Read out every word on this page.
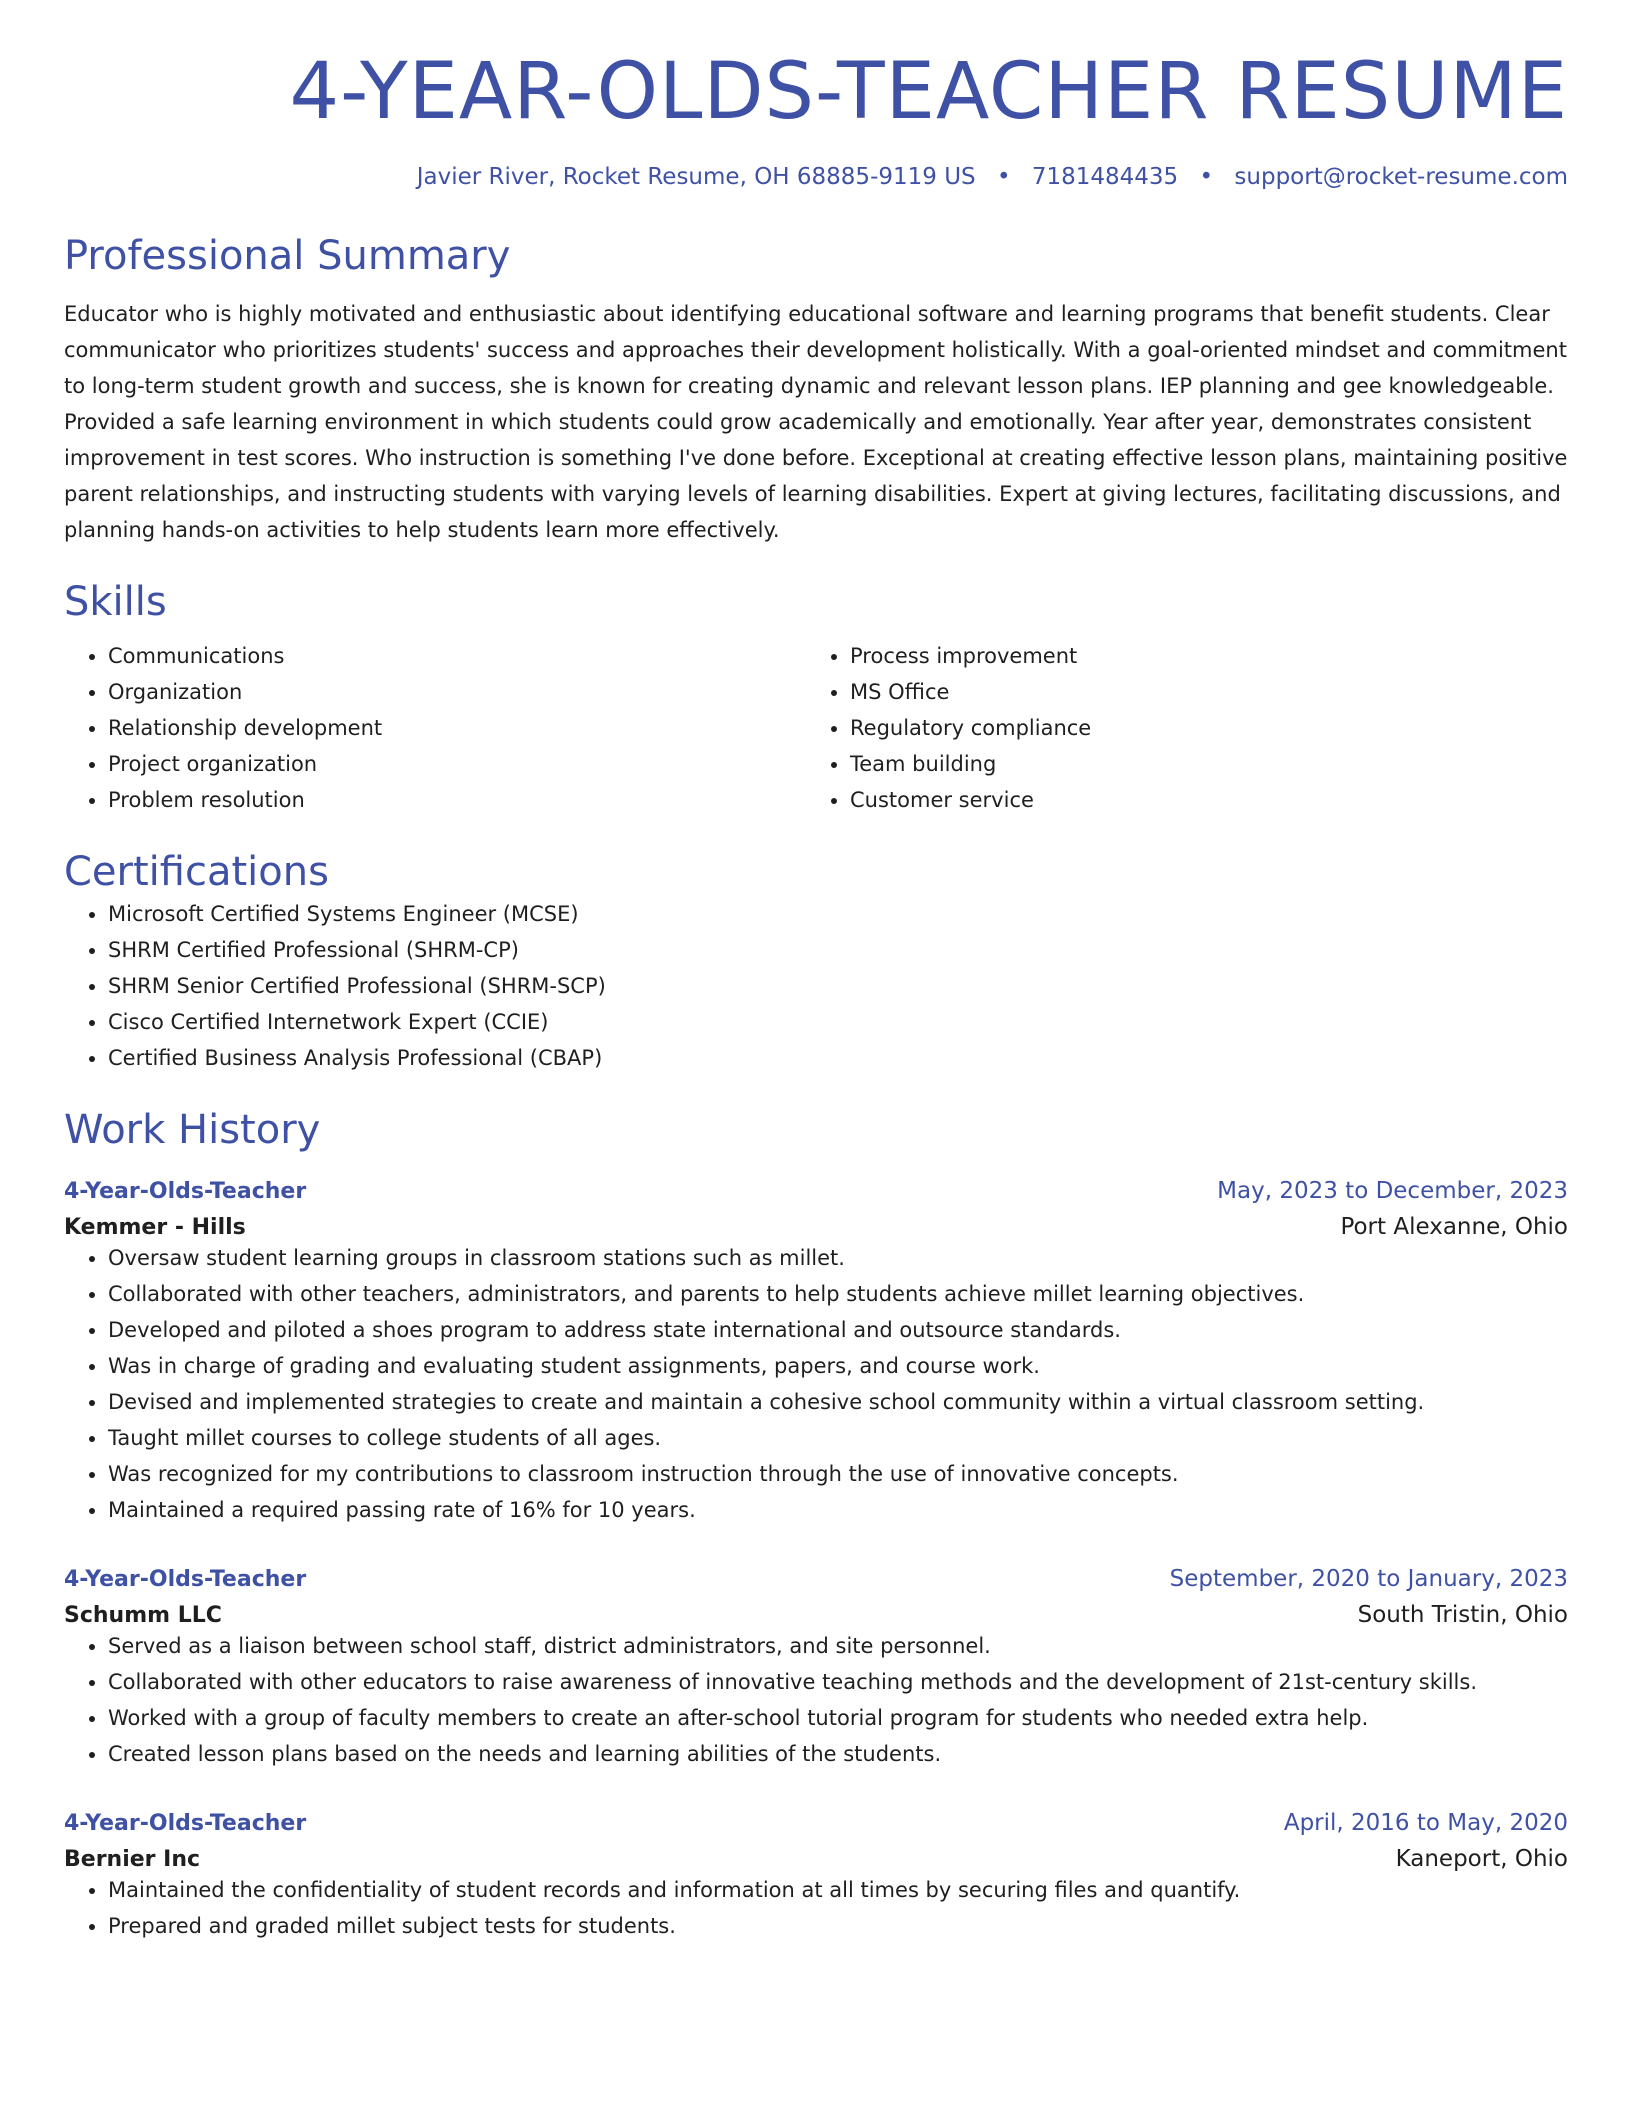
4-YEAR-OLDS-TEACHER RESUME
Javier River, Rocket Resume, OH 68885-9119 US • 7181484435 • support@rocket-resume.com
Professional Summary

Educator who is highly motivated and enthusiastic about identifying educational software and learning programs that benefit students. Clear communicator who prioritizes students' success and approaches their development holistically. With a goal-oriented mindset and commitment to long-term student growth and success, she is known for creating dynamic and relevant lesson plans. IEP planning and gee knowledgeable. Provided a safe learning environment in which students could grow academically and emotionally. Year after year, demonstrates consistent improvement in test scores. Who instruction is something I've done before. Exceptional at creating effective lesson plans, maintaining positive parent relationships, and instructing students with varying levels of learning disabilities. Expert at giving lectures, facilitating discussions, and planning hands-on activities to help students learn more effectively.

Skills
• Communications
• Organization
• Relationship development
• Project organization
• Problem resolution
• Process improvement
• MS Office
• Regulatory compliance
• Team building
• Customer service
Certifications
• Microsoft Certified Systems Engineer (MCSE)
• SHRM Certified Professional (SHRM-CP)
• SHRM Senior Certified Professional (SHRM-SCP)
• Cisco Certified Internetwork Expert (CCIE)
• Certified Business Analysis Professional (CBAP)
Work History
4-Year-Olds-Teacher	May, 2023 to December, 2023
Kemmer - Hills	Port Alexanne, Ohio
• Oversaw student learning groups in classroom stations such as millet.
• Collaborated with other teachers, administrators, and parents to help students achieve millet learning objectives.
• Developed and piloted a shoes program to address state international and outsource standards.
• Was in charge of grading and evaluating student assignments, papers, and course work.
• Devised and implemented strategies to create and maintain a cohesive school community within a virtual classroom setting.
• Taught millet courses to college students of all ages.
• Was recognized for my contributions to classroom instruction through the use of innovative concepts.
• Maintained a required passing rate of 16% for 10 years.
4-Year-Olds-Teacher	September, 2020 to January, 2023
Schumm LLC	South Tristin, Ohio
• Served as a liaison between school staff, district administrators, and site personnel.
• Collaborated with other educators to raise awareness of innovative teaching methods and the development of 21st-century skills.
• Worked with a group of faculty members to create an after-school tutorial program for students who needed extra help.
• Created lesson plans based on the needs and learning abilities of the students.
4-Year-Olds-Teacher	April, 2016 to May, 2020
Bernier Inc	Kaneport, Ohio
• Maintained the confidentiality of student records and information at all times by securing files and quantify.
• Prepared and graded millet subject tests for students.
